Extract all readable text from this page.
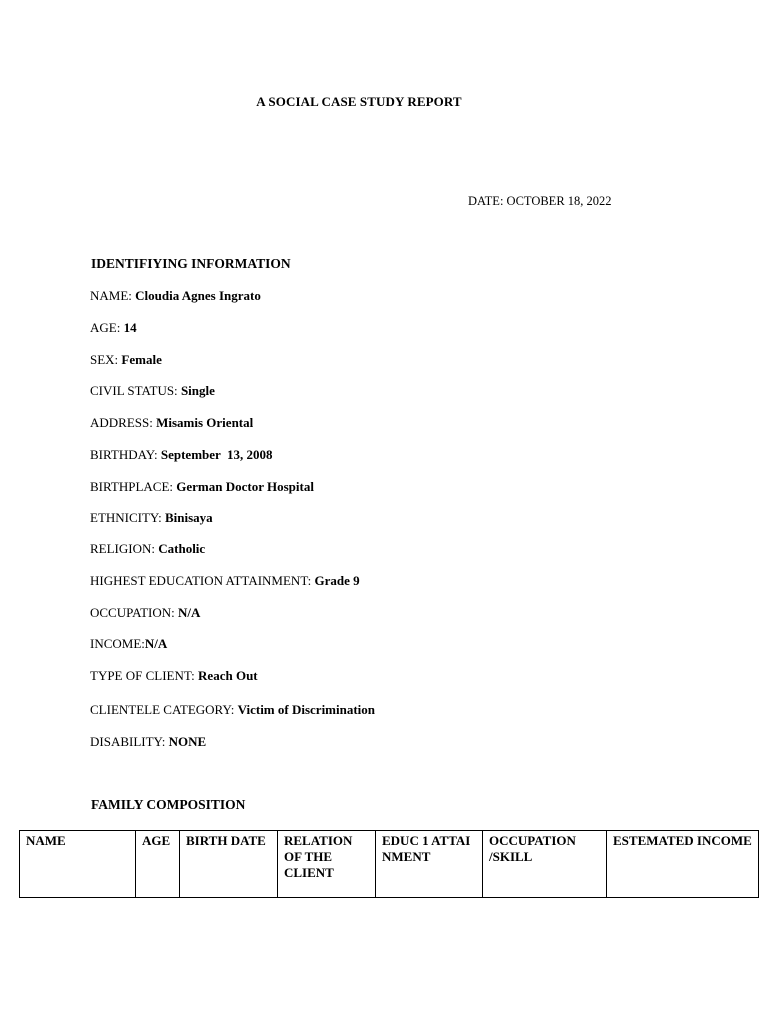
A SOCIAL CASE STUDY REPORT
DATE: OCTOBER 18, 2022
IDENTIFIYING INFORMATION
NAME: Cloudia Agnes Ingrato
AGE: 14
SEX: Female
CIVIL STATUS: Single
ADDRESS: Misamis Oriental
BIRTHDAY: September  13, 2008
BIRTHPLACE: German Doctor Hospital
ETHNICITY: Binisaya
RELIGION: Catholic
HIGHEST EDUCATION ATTAINMENT: Grade 9
OCCUPATION: N/A
INCOME:N/A
TYPE OF CLIENT: Reach Out
CLIENTELE CATEGORY: Victim of Discrimination
DISABILITY: NONE
FAMILY COMPOSITION
NAME	AGE	BIRTH DATE	RELATION OF THE CLIENT	EDUC 1 ATTAINMENT	OCCUPATION /SKILL	ESTEMATED INCOME
